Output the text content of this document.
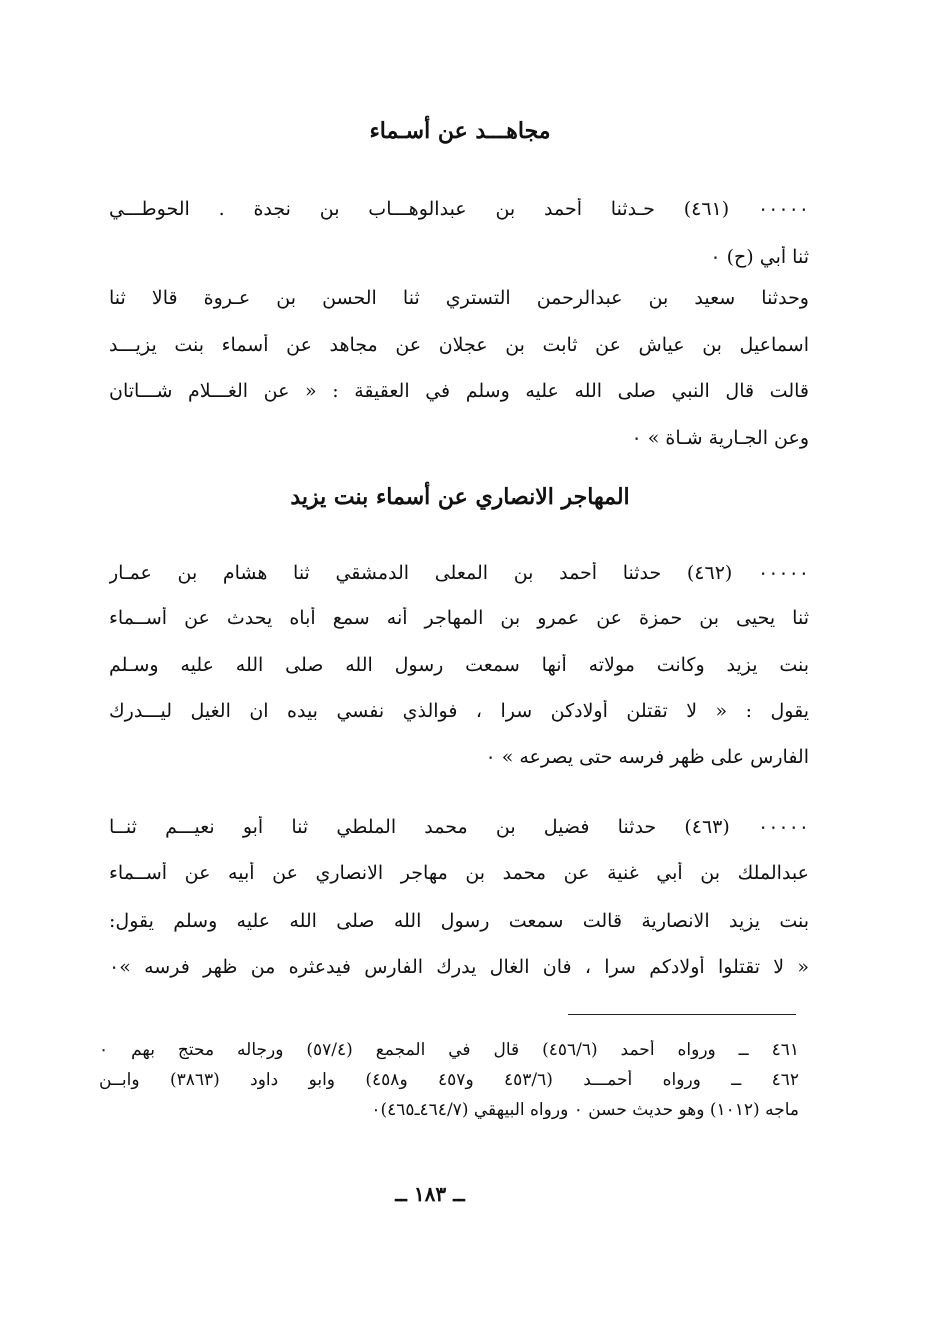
مجاهـــد عن أسـماء
٠٠٠٠٠ (٤٦١) حـدثنا أحمد بن عبدالوهـــاب بن نجدة . الحوطـــي
ثنا أبي (ح) ٠
وحدثنا سعيد بن عبدالرحمن التستري ثنا الحسن بن عـروة قالا ثنا
اسماعيل بن عياش عن ثابت بن عجلان عن مجاهد عن أسماء بنت يزيـــد
قالت قال النبي صلى الله عليه وسلم في العقيقة : « عن الغـــلام شـــاتان
وعن الجـارية شـاة » ٠
المهاجر الانصاري عن أسماء بنت يزيد
٠٠٠٠٠ (٤٦٢) حدثنا أحمد بن المعلى الدمشقي ثنا هشام بن عمـار
ثنا يحيى بن حمزة عن عمرو بن المهاجر أنه سمع أباه يحدث عن أســماء
بنت يزيد وكانت مولاته أنها سمعت رسول الله صلى الله عليه وسـلم
يقول : « لا تقتلن أولادكن سرا ، فوالذي نفسي بيده ان الغيل ليـــدرك
الفارس على ظهر فرسه حتى يصرعه » ٠
٠٠٠٠٠ (٤٦٣) حدثنا فضيل بن محمد الملطي ثنا أبو نعيـــم ثنــا
عبدالملك بن أبي غنية عن محمد بن مهاجر الانصاري عن أبيه عن أســماء
بنت يزيد الانصارية قالت سمعت رسول الله صلى الله عليه وسلم يقول:
« لا تقتلوا أولادكم سرا ، فان الغال يدرك الفارس فيدعثره من ظهر فرسه »٠
٤٦١ ــ ورواه أحمد (٤٥٦/٦) قال في المجمع (٥٧/٤) ورجاله محتج بهم ٠
٤٦٢ ــ ورواه أحمـــد (٤٥٣/٦ و٤٥٧ و٤٥٨) وابو داود (٣٨٦٣) وابــن
ماجه (١٠١٢) وهو حديث حسن ٠ ورواه البيهقي (٤٦٤/٧ـ٤٦٥)٠
ــ ١٨٣ ــ
